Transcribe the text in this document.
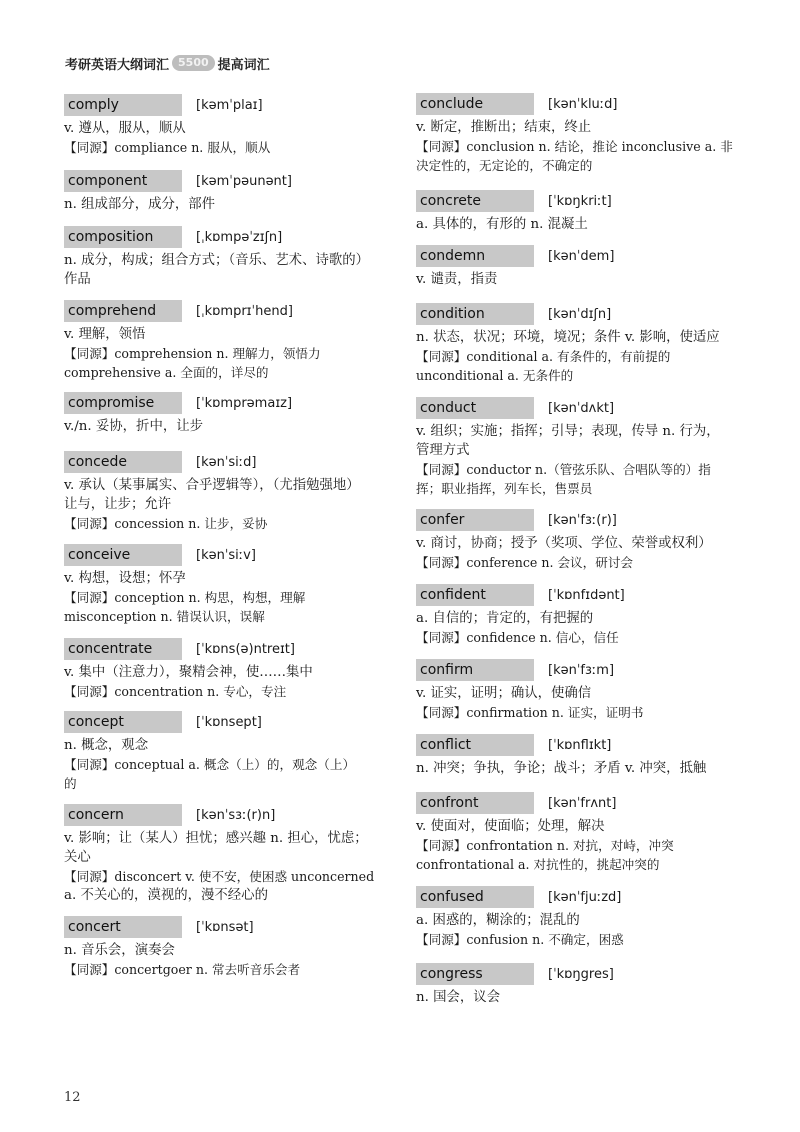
考研英语大纲词汇 5500 提高词汇
comply	[kəmˈplaɪ]
v. 遵从，服从，顺从
【同源】compliance n. 服从，顺从
component	[kəmˈpəunənt]
n. 组成部分，成分，部件
composition	[ˌkɒmpəˈzɪʃn]
n. 成分，构成；组合方式；（音乐、艺术、诗歌的）
作品
comprehend	[ˌkɒmprɪˈhend]
v. 理解，领悟
【同源】comprehension n. 理解力，领悟力
comprehensive a. 全面的，详尽的
compromise	[ˈkɒmprəmaɪz]
v./n. 妥协，折中，让步
concede	[kənˈsiːd]
v. 承认（某事属实、合乎逻辑等），（尤指勉强地）
让与，让步；允许
【同源】concession n. 让步，妥协
conceive	[kənˈsiːv]
v. 构想，设想；怀孕
【同源】conception n. 构思，构想，理解
misconception n. 错误认识，误解
concentrate	[ˈkɒns(ə)ntreɪt]
v. 集中（注意力），聚精会神，使……集中
【同源】concentration n. 专心，专注
concept	[ˈkɒnsept]
n. 概念，观念
【同源】conceptual a. 概念（上）的，观念（上）
的
concern	[kənˈsɜː(r)n]
v. 影响；让（某人）担忧；感兴趣 n. 担心，忧虑；
关心
【同源】disconcert v. 使不安，使困惑 unconcerned
a. 不关心的，漠视的，漫不经心的
concert	[ˈkɒnsət]
n. 音乐会，演奏会
【同源】concertgoer n. 常去听音乐会者
conclude	[kənˈkluːd]
v. 断定，推断出；结束，终止
【同源】conclusion n. 结论，推论 inconclusive a. 非
决定性的，无定论的，不确定的
concrete	[ˈkɒŋkriːt]
a. 具体的，有形的 n. 混凝土
condemn	[kənˈdem]
v. 谴责，指责
condition	[kənˈdɪʃn]
n. 状态，状况；环境，境况；条件 v. 影响，使适应
【同源】conditional a. 有条件的，有前提的
unconditional a. 无条件的
conduct	[kənˈdʌkt]
v. 组织；实施；指挥；引导；表现，传导 n. 行为，
管理方式
【同源】conductor n.（管弦乐队、合唱队等的）指
挥；职业指挥，列车长，售票员
confer	[kənˈfɜː(r)]
v. 商讨，协商；授予（奖项、学位、荣誉或权利）
【同源】conference n. 会议，研讨会
confident	[ˈkɒnfɪdənt]
a. 自信的；肯定的，有把握的
【同源】confidence n. 信心，信任
confirm	[kənˈfɜːm]
v. 证实，证明；确认，使确信
【同源】confirmation n. 证实，证明书
conflict	[ˈkɒnflɪkt]
n. 冲突；争执，争论；战斗；矛盾 v. 冲突，抵触
confront	[kənˈfrʌnt]
v. 使面对，使面临；处理，解决
【同源】confrontation n. 对抗，对峙，冲突
confrontational a. 对抗性的，挑起冲突的
confused	[kənˈfjuːzd]
a. 困惑的，糊涂的；混乱的
【同源】confusion n. 不确定，困惑
congress	[ˈkɒŋgres]
n. 国会，议会
12
